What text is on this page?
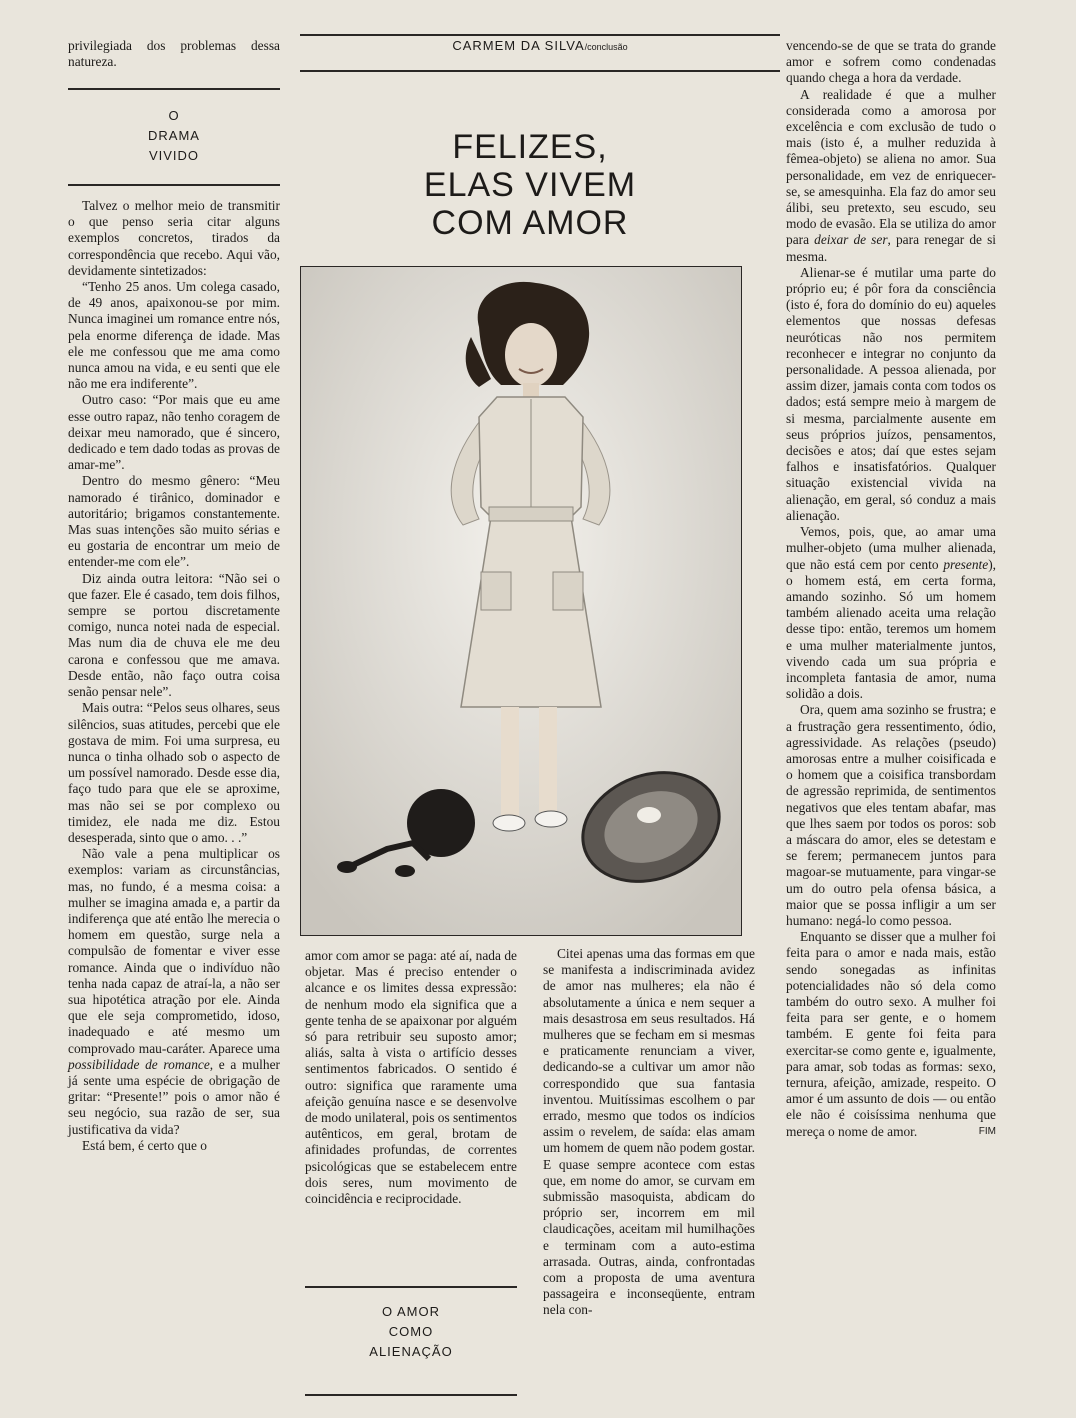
privilegiada dos problemas dessa natureza.

O
DRAMA
VIVIDO

Talvez o melhor meio de transmitir o que penso seria citar alguns exemplos concretos, tirados da correspondência que recebo. Aqui vão, devidamente sintetizados:

“Tenho 25 anos. Um colega casado, de 49 anos, apaixonou-se por mim. Nunca imaginei um romance entre nós, pela enorme diferença de idade. Mas ele me confessou que me ama como nunca amou na vida, e eu senti que ele não me era indiferente”.

Outro caso: “Por mais que eu ame esse outro rapaz, não tenho coragem de deixar meu namorado, que é sincero, dedicado e tem dado todas as provas de amar-me”.

Dentro do mesmo gênero: “Meu namorado é tirânico, dominador e autoritário; brigamos constantemente. Mas suas intenções são muito sérias e eu gostaria de encontrar um meio de entender-me com ele”.

Diz ainda outra leitora: “Não sei o que fazer. Ele é casado, tem dois filhos, sempre se portou discretamente comigo, nunca notei nada de especial. Mas num dia de chuva ele me deu carona e confessou que me amava. Desde então, não faço outra coisa senão pensar nele”.

Mais outra: “Pelos seus olhares, seus silêncios, suas atitudes, percebi que ele gostava de mim. Foi uma surpresa, eu nunca o tinha olhado sob o aspecto de um possível namorado. Desde esse dia, faço tudo para que ele se aproxime, mas não sei se por complexo ou timidez, ele nada me diz. Estou desesperada, sinto que o amo. . .”

Não vale a pena multiplicar os exemplos: variam as circunstâncias, mas, no fundo, é a mesma coisa: a mulher se imagina amada e, a partir da indiferença que até então lhe merecia o homem em questão, surge nela a compulsão de fomentar e viver esse romance. Ainda que o indivíduo não tenha nada capaz de atraí-la, a não ser sua hipotética atração por ele. Ainda que ele seja comprometido, idoso, inadequado e até mesmo um comprovado mau-caráter. Aparece uma possibilidade de romance, e a mulher já sente uma espécie de obrigação de gritar: “Presente!” pois o amor não é seu negócio, sua razão de ser, sua justificativa da vida?

Está bem, é certo que o

CARMEM DA SILVA/conclusão
FELIZES,
ELAS VIVEM
COM AMOR

amor com amor se paga: até aí, nada de objetar. Mas é preciso entender o alcance e os limites dessa expressão: de nenhum modo ela significa que a gente tenha de se apaixonar por alguém só para retribuir seu suposto amor; aliás, salta à vista o artifício desses sentimentos fabricados. O sentido é outro: significa que raramente uma afeição genuína nasce e se desenvolve de modo unilateral, pois os sentimentos autênticos, em geral, brotam de afinidades profundas, de correntes psicológicas que se estabelecem entre dois seres, num movimento de coincidência e reciprocidade.

O AMOR
COMO
ALIENAÇÃO

Citei apenas uma das formas em que se manifesta a indiscriminada avidez de amor nas mulheres; ela não é absolutamente a única e nem sequer a mais desastrosa em seus resultados. Há mulheres que se fecham em si mesmas e praticamente renunciam a viver, dedicando-se a cultivar um amor não correspondido que sua fantasia inventou. Muitíssimas escolhem o par errado, mesmo que todos os indícios assim o revelem, de saída: elas amam um homem de quem não podem gostar. E quase sempre acontece com estas que, em nome do amor, se curvam em submissão masoquista, abdicam do próprio ser, incorrem em mil claudicações, aceitam mil humilhações e terminam com a auto-estima arrasada. Outras, ainda, confrontadas com a proposta de uma aventura passageira e inconseqüente, entram nela con-

vencendo-se de que se trata do grande amor e sofrem como condenadas quando chega a hora da verdade.

A realidade é que a mulher considerada como a amorosa por excelência e com exclusão de tudo o mais (isto é, a mulher reduzida à fêmea-objeto) se aliena no amor. Sua personalidade, em vez de enriquecer-se, se amesquinha. Ela faz do amor seu álibi, seu pretexto, seu escudo, seu modo de evasão. Ela se utiliza do amor para deixar de ser, para renegar de si mesma.

Alienar-se é mutilar uma parte do próprio eu; é pôr fora da consciência (isto é, fora do domínio do eu) aqueles elementos que nossas defesas neuróticas não nos permitem reconhecer e integrar no conjunto da personalidade. A pessoa alienada, por assim dizer, jamais conta com todos os dados; está sempre meio à margem de si mesma, parcialmente ausente em seus próprios juízos, pensamentos, decisões e atos; daí que estes sejam falhos e insatisfatórios. Qualquer situação existencial vivida na alienação, em geral, só conduz a mais alienação.

Vemos, pois, que, ao amar uma mulher-objeto (uma mulher alienada, que não está cem por cento presente), o homem está, em certa forma, amando sozinho. Só um homem também alienado aceita uma relação desse tipo: então, teremos um homem e uma mulher materialmente juntos, vivendo cada um sua própria e incompleta fantasia de amor, numa solidão a dois.

Ora, quem ama sozinho se frustra; e a frustração gera ressentimento, ódio, agressividade. As relações (pseudo) amorosas entre a mulher coisificada e o homem que a coisifica transbordam de agressão reprimida, de sentimentos negativos que eles tentam abafar, mas que lhes saem por todos os poros: sob a máscara do amor, eles se detestam e se ferem; permanecem juntos para magoar-se mutuamente, para vingar-se um do outro pela ofensa básica, a maior que se possa infligir a um ser humano: negá-lo como pessoa.

Enquanto se disser que a mulher foi feita para o amor e nada mais, estão sendo sonegadas as infinitas potencialidades não só dela como também do outro sexo. A mulher foi feita para ser gente, e o homem também. E gente foi feita para exercitar-se como gente e, igualmente, para amar, sob todas as formas: sexo, ternura, afeição, amizade, respeito. O amor é um assunto de dois — ou então ele não é coisíssima nenhuma que mereça o nome de amor.	FIM
